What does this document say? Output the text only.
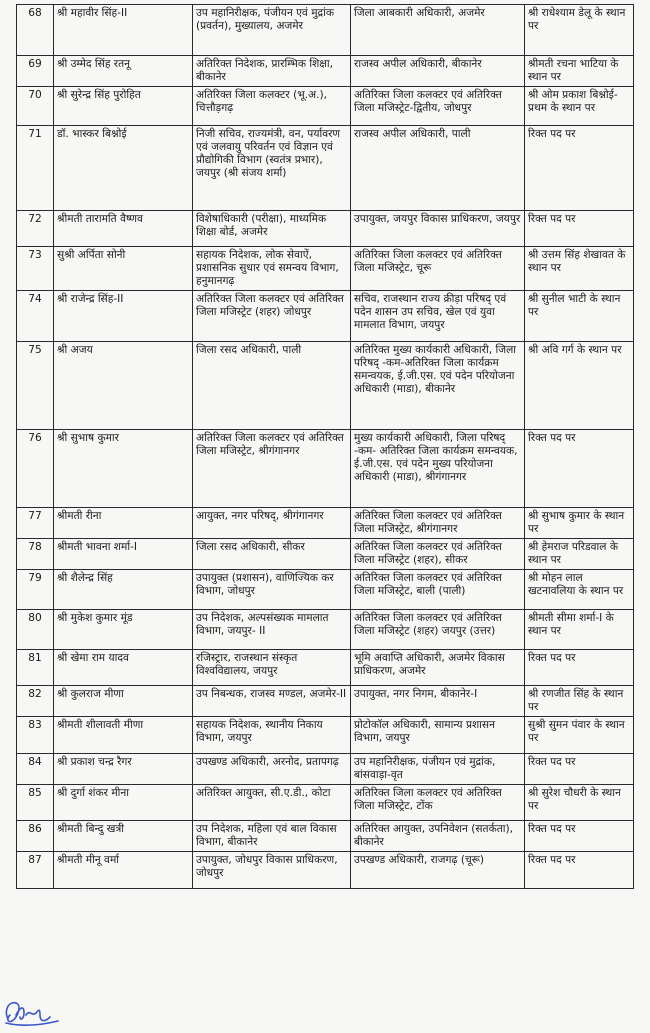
68	श्री महावीर सिंह-II	उप महानिरीक्षक, पंजीयन एवं मुद्रांक (प्रवर्तन), मुख्यालय, अजमेर	जिला आबकारी अधिकारी, अजमेर	श्री राधेश्याम डेलू के स्थान पर
69	श्री उम्मेद सिंह रतनू	अतिरिक्त निदेशक, प्रारम्भिक शिक्षा, बीकानेर	राजस्व अपील अधिकारी, बीकानेर	श्रीमती रचना भाटिया के स्थान पर
70	श्री सुरेन्द्र सिंह पुरोहित	अतिरिक्त जिला कलक्टर (भू.अ.), चित्तौड़गढ़	अतिरिक्त जिला कलक्टर एवं अतिरिक्त जिला मजिस्ट्रेट-द्वितीय, जोधपुर	श्री ओम प्रकाश बिश्नोई-प्रथम के स्थान पर
71	डॉ. भास्कर बिश्नोई	निजी सचिव, राज्यमंत्री, वन, पर्यावरण एवं जलवायु परिवर्तन एवं विज्ञान एवं प्रौद्योगिकी विभाग (स्वतंत्र प्रभार), जयपुर (श्री संजय शर्मा)	राजस्व अपील अधिकारी, पाली	रिक्त पद पर
72	श्रीमती तारामति वैष्णव	विशेषाधिकारी (परीक्षा), माध्यमिक शिक्षा बोर्ड, अजमेर	उपायुक्त, जयपुर विकास प्राधिकरण, जयपुर	रिक्त पद पर
73	सुश्री अर्पिता सोनी	सहायक निदेशक, लोक सेवाऐं, प्रशासनिक सुधार एवं समन्वय विभाग, हनुमानगढ़	अतिरिक्त जिला कलक्टर एवं अतिरिक्त जिला मजिस्ट्रेट, चूरू	श्री उत्तम सिंह शेखावत के स्थान पर
74	श्री राजेन्द्र सिंह-II	अतिरिक्त जिला कलक्टर एवं अतिरिक्त जिला मजिस्ट्रेट (शहर) जोधपुर	सचिव, राजस्थान राज्य क्रीड़ा परिषद् एवं पदेन शासन उप सचिव, खेल एवं युवा मामलात विभाग, जयपुर	श्री सुनील भाटी के स्थान पर
75	श्री अजय	जिला रसद अधिकारी, पाली	अतिरिक्त मुख्य कार्यकारी अधिकारी, जिला परिषद् -कम-अतिरिक्त जिला कार्यक्रम समन्वयक, ई.जी.एस. एवं पदेन परियोजना अधिकारी (माडा), बीकानेर	श्री अवि गर्ग के स्थान पर
76	श्री सुभाष कुमार	अतिरिक्त जिला कलक्टर एवं अतिरिक्त जिला मजिस्ट्रेट, श्रीगंगानगर	मुख्य कार्यकारी अधिकारी, जिला परिषद् -कम- अतिरिक्त जिला कार्यक्रम समन्वयक, ई.जी.एस. एवं पदेन मुख्य परियोजना अधिकारी (माडा), श्रीगंगानगर	रिक्त पद पर
77	श्रीमती रीना	आयुक्त, नगर परिषद्, श्रीगंगानगर	अतिरिक्त जिला कलक्टर एवं अतिरिक्त जिला मजिस्ट्रेट, श्रीगंगानगर	श्री सुभाष कुमार के स्थान पर
78	श्रीमती भावना शर्मा-I	जिला रसद अधिकारी, सीकर	अतिरिक्त जिला कलक्टर एवं अतिरिक्त जिला मजिस्ट्रेट (शहर), सीकर	श्री हेमराज परिडवाल के स्थान पर
79	श्री शैलेन्द्र सिंह	उपायुक्त (प्रशासन), वाणिज्यिक कर विभाग, जोधपुर	अतिरिक्त जिला कलक्टर एवं अतिरिक्त जिला मजिस्ट्रेट, बाली (पाली)	श्री मोहन लाल खटनावलिया के स्थान पर
80	श्री मुकेश कुमार मूंड	उप निदेशक, अल्पसंख्यक मामलात विभाग, जयपुर- II	अतिरिक्त जिला कलक्टर एवं अतिरिक्त जिला मजिस्ट्रेट (शहर) जयपुर (उत्तर)	श्रीमती सीमा शर्मा-I के स्थान पर
81	श्री खेमा राम यादव	रजिस्ट्रार, राजस्थान संस्कृत विश्वविद्यालय, जयपुर	भूमि अवाप्ति अधिकारी, अजमेर विकास प्राधिकरण, अजमेर	रिक्त पद पर
82	श्री कुलराज मीणा	उप निबन्धक, राजस्व मण्डल, अजमेर-II	उपायुक्त, नगर निगम, बीकानेर-I	श्री रणजीत सिंह के स्थान पर
83	श्रीमती शीलावती मीणा	सहायक निदेशक, स्थानीय निकाय विभाग, जयपुर	प्रोटोकॉल अधिकारी, सामान्य प्रशासन विभाग, जयपुर	सुश्री सुमन पंवार के स्थान पर
84	श्री प्रकाश चन्द्र रैगर	उपखण्ड अधिकारी, अरनोद, प्रतापगढ़	उप महानिरीक्षक, पंजीयन एवं मुद्रांक, बांसवाड़ा-वृत	रिक्त पद पर
85	श्री दुर्गा शंकर मीना	अतिरिक्त आयुक्त, सी.ए.डी., कोटा	अतिरिक्त जिला कलक्टर एवं अतिरिक्त जिला मजिस्ट्रेट, टोंक	श्री सुरेश चौधरी के स्थान पर
86	श्रीमती बिन्दु खत्री	उप निदेशक, महिला एवं बाल विकास विभाग, बीकानेर	अतिरिक्त आयुक्त, उपनिवेशन (सतर्कता), बीकानेर	रिक्त पद पर
87	श्रीमती मीनू वर्मा	उपायुक्त, जोधपुर विकास प्राधिकरण, जोधपुर	उपखण्ड अधिकारी, राजगढ़ (चूरू)	रिक्त पद पर
